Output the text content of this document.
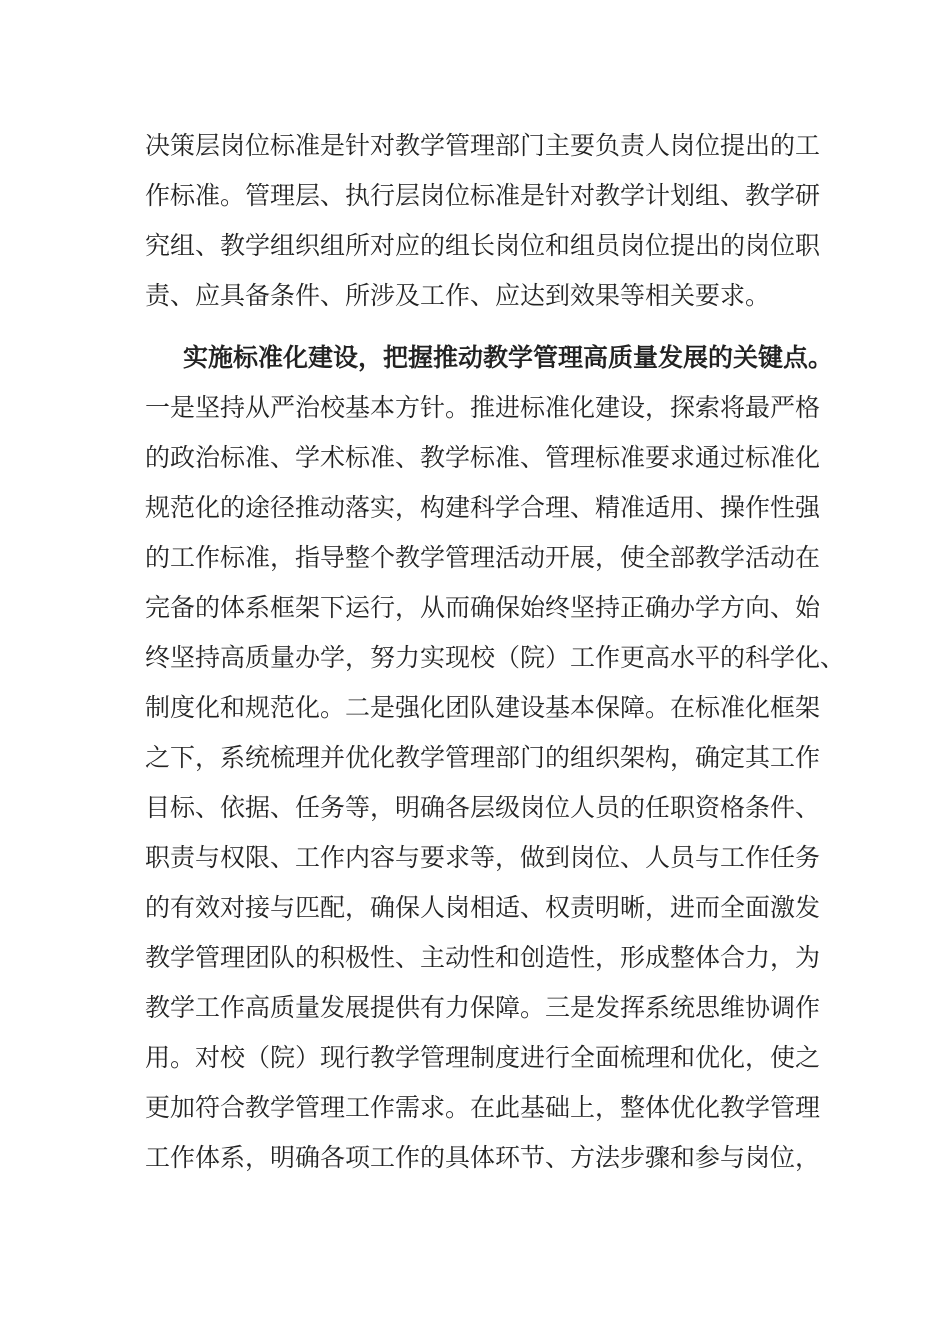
决策层岗位标准是针对教学管理部门主要负责人岗位提出的工
作标准。管理层、执行层岗位标准是针对教学计划组、教学研
究组、教学组织组所对应的组长岗位和组员岗位提出的岗位职
责、应具备条件、所涉及工作、应达到效果等相关要求。
实施标准化建设，把握推动教学管理高质量发展的关键点。
一是坚持从严治校基本方针。推进标准化建设，探索将最严格
的政治标准、学术标准、教学标准、管理标准要求通过标准化
规范化的途径推动落实，构建科学合理、精准适用、操作性强
的工作标准，指导整个教学管理活动开展，使全部教学活动在
完备的体系框架下运行，从而确保始终坚持正确办学方向、始
终坚持高质量办学，努力实现校（院）工作更高水平的科学化、
制度化和规范化。二是强化团队建设基本保障。在标准化框架
之下，系统梳理并优化教学管理部门的组织架构，确定其工作
目标、依据、任务等，明确各层级岗位人员的任职资格条件、
职责与权限、工作内容与要求等，做到岗位、人员与工作任务
的有效对接与匹配，确保人岗相适、权责明晰，进而全面激发
教学管理团队的积极性、主动性和创造性，形成整体合力，为
教学工作高质量发展提供有力保障。三是发挥系统思维协调作
用。对校（院）现行教学管理制度进行全面梳理和优化，使之
更加符合教学管理工作需求。在此基础上，整体优化教学管理
工作体系，明确各项工作的具体环节、方法步骤和参与岗位，
